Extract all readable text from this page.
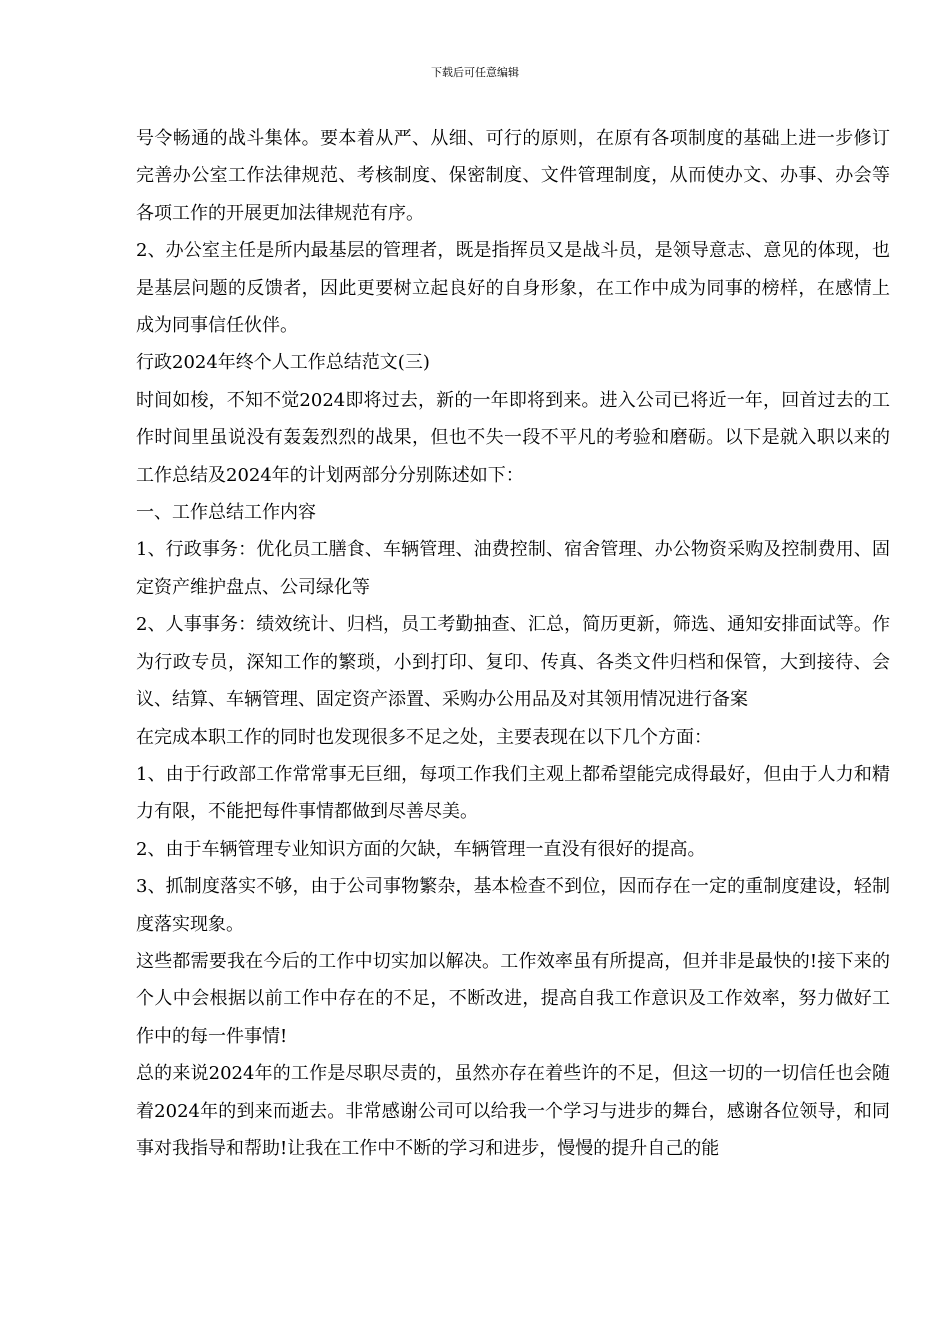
下载后可任意编辑

号令畅通的战斗集体。要本着从严、从细、可行的原则，在原有各项制度的基础上进一步修订完善办公室工作法律规范、考核制度、保密制度、文件管理制度，从而使办文、办事、办会等各项工作的开展更加法律规范有序。

2、办公室主任是所内最基层的管理者，既是指挥员又是战斗员，是领导意志、意见的体现，也是基层问题的反馈者，因此更要树立起良好的自身形象，在工作中成为同事的榜样，在感情上成为同事信任伙伴。

行政2024年终个人工作总结范文(三)

时间如梭，不知不觉2024即将过去，新的一年即将到来。进入公司已将近一年，回首过去的工作时间里虽说没有轰轰烈烈的战果，但也不失一段不平凡的考验和磨砺。以下是就入职以来的工作总结及2024年的计划两部分分别陈述如下：

一、工作总结工作内容

1、行政事务：优化员工膳食、车辆管理、油费控制、宿舍管理、办公物资采购及控制费用、固定资产维护盘点、公司绿化等

2、人事事务：绩效统计、归档，员工考勤抽查、汇总，简历更新，筛选、通知安排面试等。作为行政专员，深知工作的繁琐，小到打印、复印、传真、各类文件归档和保管，大到接待、会议、结算、车辆管理、固定资产添置、采购办公用品及对其领用情况进行备案

在完成本职工作的同时也发现很多不足之处，主要表现在以下几个方面：

1、由于行政部工作常常事无巨细，每项工作我们主观上都希望能完成得最好，但由于人力和精力有限，不能把每件事情都做到尽善尽美。

2、由于车辆管理专业知识方面的欠缺，车辆管理一直没有很好的提高。

3、抓制度落实不够，由于公司事物繁杂，基本检查不到位，因而存在一定的重制度建设，轻制度落实现象。

这些都需要我在今后的工作中切实加以解决。工作效率虽有所提高，但并非是最快的!接下来的个人中会根据以前工作中存在的不足，不断改进，提高自我工作意识及工作效率，努力做好工作中的每一件事情!

总的来说2024年的工作是尽职尽责的，虽然亦存在着些许的不足，但这一切的一切信任也会随着2024年的到来而逝去。非常感谢公司可以给我一个学习与进步的舞台，感谢各位领导，和同事对我指导和帮助!让我在工作中不断的学习和进步，慢慢的提升自己的能
